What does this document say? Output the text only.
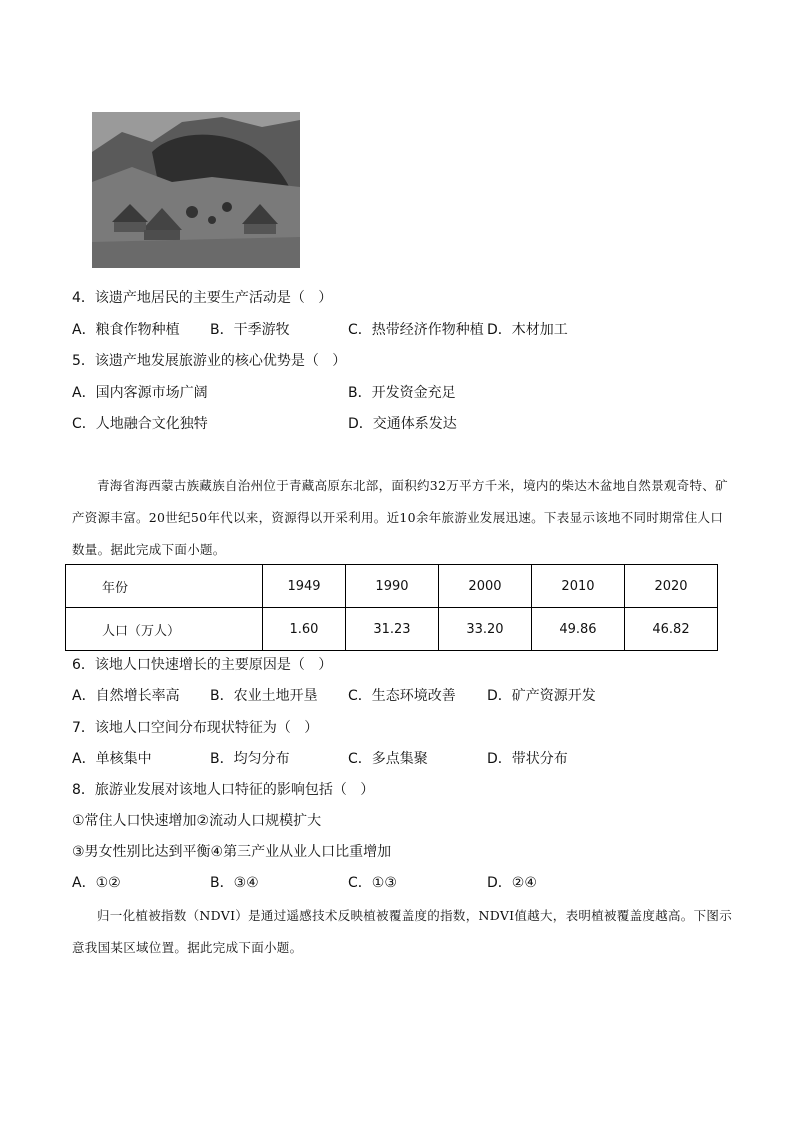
4．该遗产地居民的主要生产活动是（   ）
A．粮食作物种植 B．干季游牧	C．热带经济作物种植 D．木材加工
5．该遗产地发展旅游业的核心优势是（   ）
A．国内客源市场广阔	B．开发资金充足
C．人地融合文化独特	D．交通体系发达
青海省海西蒙古族藏族自治州位于青藏高原东北部，面积约32万平方千米，境内的柴达木盆地自然景观奇特、矿产资源丰富。20世纪50年代以来，资源得以开采利用。近10余年旅游业发展迅速。下表显示该地不同时期常住人口数量。据此完成下面小题。
年份	1949	1990	2000	2010	2020
人口（万人）	1.60	31.23	33.20	49.86	46.82
6．该地人口快速增长的主要原因是（   ）
A．自然增长率高 B．农业土地开垦 C．生态环境改善 D．矿产资源开发
7．该地人口空间分布现状特征为（   ）
A．单核集中	B．均匀分布	C．多点集聚	D．带状分布
8．旅游业发展对该地人口特征的影响包括（   ）
①常住人口快速增加②流动人口规模扩大
③男女性别比达到平衡④第三产业从业人口比重增加
A．①②	B．③④	C．①③	D．②④
归一化植被指数（NDVI）是通过遥感技术反映植被覆盖度的指数，NDVI值越大，表明植被覆盖度越高。下图示意我国某区域位置。据此完成下面小题。
